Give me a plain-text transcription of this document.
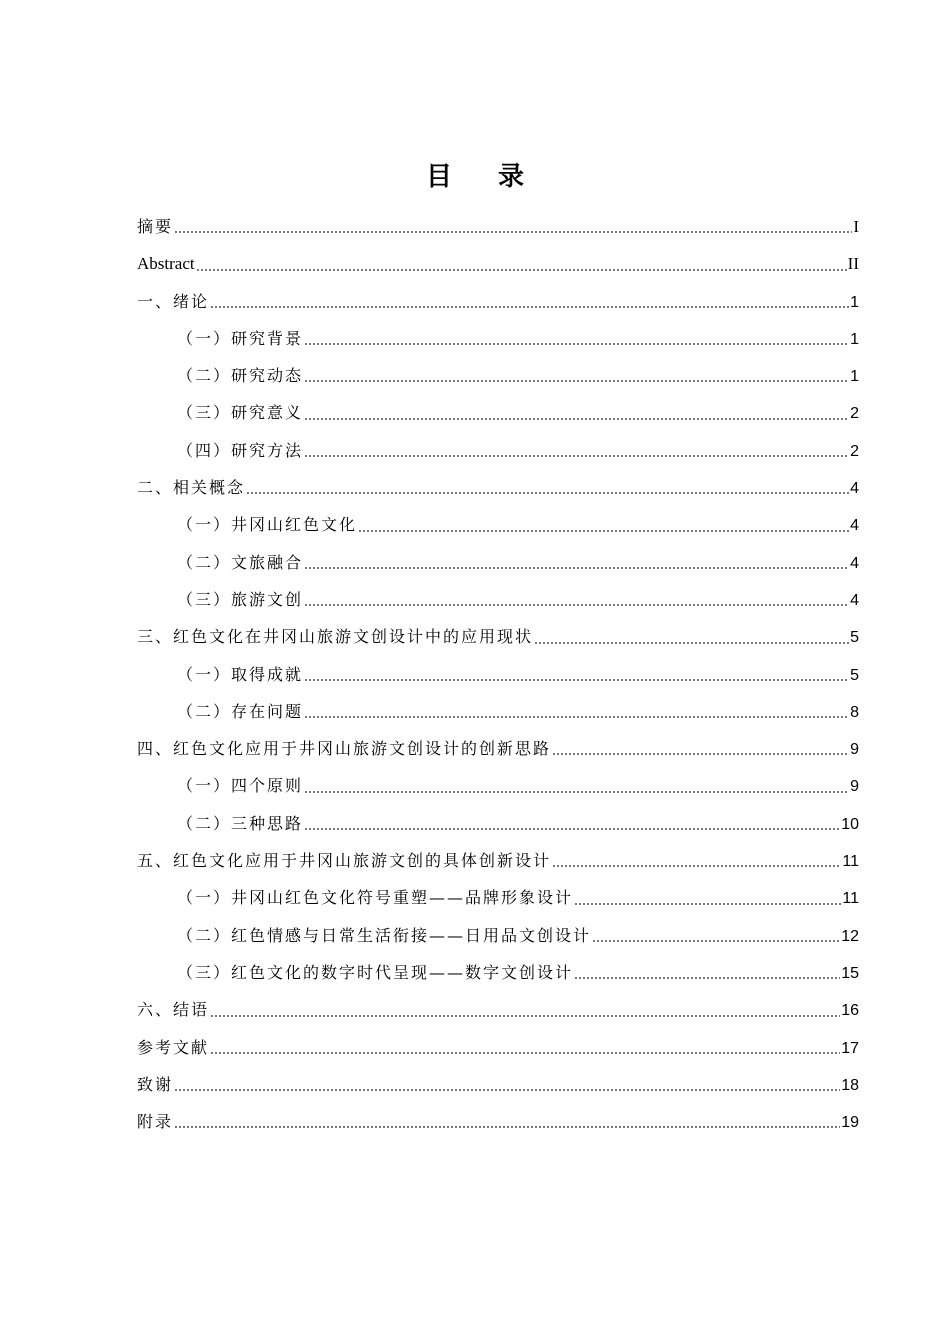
目 录
摘要	I
Abstract	II
一、绪论	1
（一）研究背景	1
（二）研究动态	1
（三）研究意义	2
（四）研究方法	2
二、相关概念	4
（一）井冈山红色文化	4
（二）文旅融合	4
（三）旅游文创	4
三、红色文化在井冈山旅游文创设计中的应用现状	5
（一）取得成就	5
（二）存在问题	8
四、红色文化应用于井冈山旅游文创设计的创新思路	9
（一）四个原则	9
（二）三种思路	10
五、红色文化应用于井冈山旅游文创的具体创新设计	11
（一）井冈山红色文化符号重塑——品牌形象设计	11
（二）红色情感与日常生活衔接——日用品文创设计	12
（三）红色文化的数字时代呈现——数字文创设计	15
六、结语	16
参考文献	17
致谢	18
附录	19
